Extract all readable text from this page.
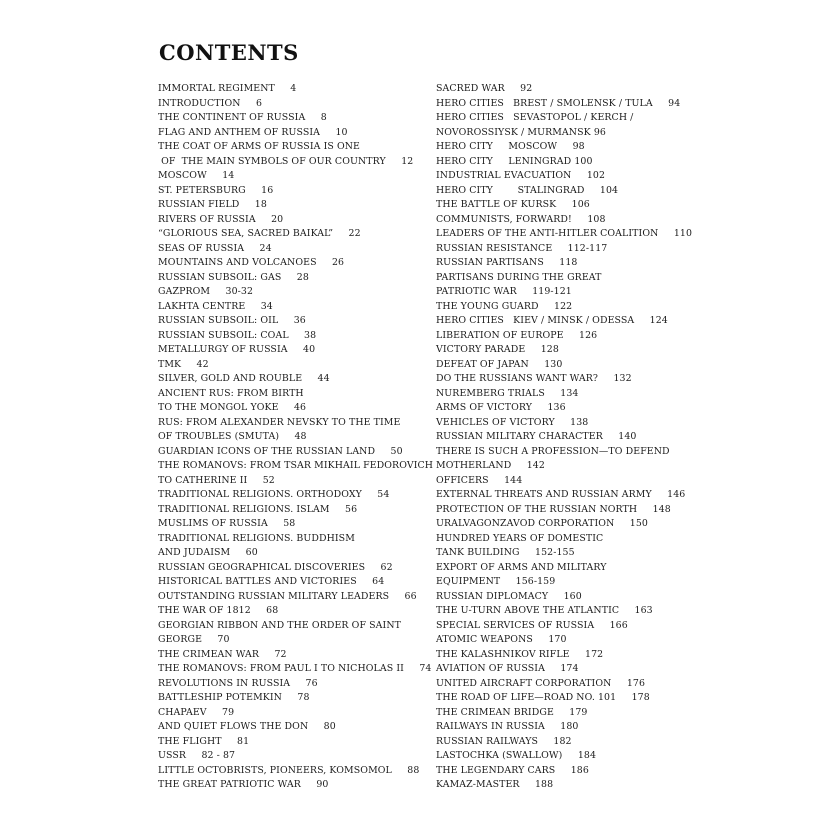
CONTENTS
IMMORTAL REGIMENT     4
INTRODUCTION     6
THE CONTINENT OF RUSSIA     8
FLAG AND ANTHEM OF RUSSIA     10
THE COAT OF ARMS OF RUSSIA IS ONE
OF  THE MAIN SYMBOLS OF OUR COUNTRY     12
MOSCOW     14
ST. PETERSBURG     16
RUSSIAN FIELD     18
RIVERS OF RUSSIA     20
“GLORIOUS SEA, SACRED BAIKAL”     22
SEAS OF RUSSIA     24
MOUNTAINS AND VOLCANOES     26
RUSSIAN SUBSOIL: GAS     28
GAZPROM     30-32
LAKHTA CENTRE     34
RUSSIAN SUBSOIL: OIL     36
RUSSIAN SUBSOIL: COAL     38
METALLURGY OF RUSSIA     40
TMK     42
SILVER, GOLD AND ROUBLE     44
ANCIENT RUS: FROM BIRTH
TO THE MONGOL YOKE     46
RUS: FROM ALEXANDER NEVSKY TO THE TIME
OF TROUBLES (SMUTA)     48
GUARDIAN ICONS OF THE RUSSIAN LAND     50
THE ROMANOVS: FROM TSAR MIKHAIL FEDOROVICH
TO CATHERINE II     52
TRADITIONAL RELIGIONS. ORTHODOXY     54
TRADITIONAL RELIGIONS. ISLAM     56
MUSLIMS OF RUSSIA     58
TRADITIONAL RELIGIONS. BUDDHISM
AND JUDAISM     60
RUSSIAN GEOGRAPHICAL DISCOVERIES     62
HISTORICAL BATTLES AND VICTORIES     64
OUTSTANDING RUSSIAN MILITARY LEADERS     66
THE WAR OF 1812     68
GEORGIAN RIBBON AND THE ORDER OF SAINT
GEORGE     70
THE CRIMEAN WAR     72
THE ROMANOVS: FROM PAUL I TO NICHOLAS II     74
REVOLUTIONS IN RUSSIA     76
BATTLESHIP POTEMKIN     78
CHAPAEV     79
AND QUIET FLOWS THE DON     80
THE FLIGHT     81
USSR     82 - 87
LITTLE OCTOBRISTS, PIONEERS, KOMSOMOL     88
THE GREAT PATRIOTIC WAR     90
SACRED WAR     92
HERO CITIES   BREST / SMOLENSK / TULA     94
HERO CITIES   SEVASTOPOL / KERCH /
NOVOROSSIYSK / MURMANSK 96
HERO CITY     MOSCOW     98
HERO CITY     LENINGRAD 100
INDUSTRIAL EVACUATION     102
HERO CITY        STALINGRAD     104
THE BATTLE OF KURSK     106
COMMUNISTS, FORWARD!     108
LEADERS OF THE ANTI-HITLER COALITION     110
RUSSIAN RESISTANCE     112-117
RUSSIAN PARTISANS     118
PARTISANS DURING THE GREAT
PATRIOTIC WAR     119-121
THE YOUNG GUARD     122
HERO CITIES   KIEV / MINSK / ODESSA     124
LIBERATION OF EUROPE     126
VICTORY PARADE     128
DEFEAT OF JAPAN     130
DO THE RUSSIANS WANT WAR?     132
NUREMBERG TRIALS     134
ARMS OF VICTORY     136
VEHICLES OF VICTORY     138
RUSSIAN MILITARY CHARACTER     140
THERE IS SUCH A PROFESSION—TO DEFEND
MOTHERLAND     142
OFFICERS     144
EXTERNAL THREATS AND RUSSIAN ARMY     146
PROTECTION OF THE RUSSIAN NORTH     148
URALVAGONZAVOD CORPORATION     150
HUNDRED YEARS OF DOMESTIC
TANK BUILDING     152-155
EXPORT OF ARMS AND MILITARY
EQUIPMENT     156-159
RUSSIAN DIPLOMACY     160
THE U-TURN ABOVE THE ATLANTIC     163
SPECIAL SERVICES OF RUSSIA     166
ATOMIC WEAPONS     170
THE KALASHNIKOV RIFLE     172
AVIATION OF RUSSIA     174
UNITED AIRCRAFT CORPORATION     176
THE ROAD OF LIFE—ROAD NO. 101     178
THE CRIMEAN BRIDGE     179
RAILWAYS IN RUSSIA     180
RUSSIAN RAILWAYS     182
LASTOCHKA (SWALLOW)     184
THE LEGENDARY CARS     186
KAMAZ-MASTER     188
